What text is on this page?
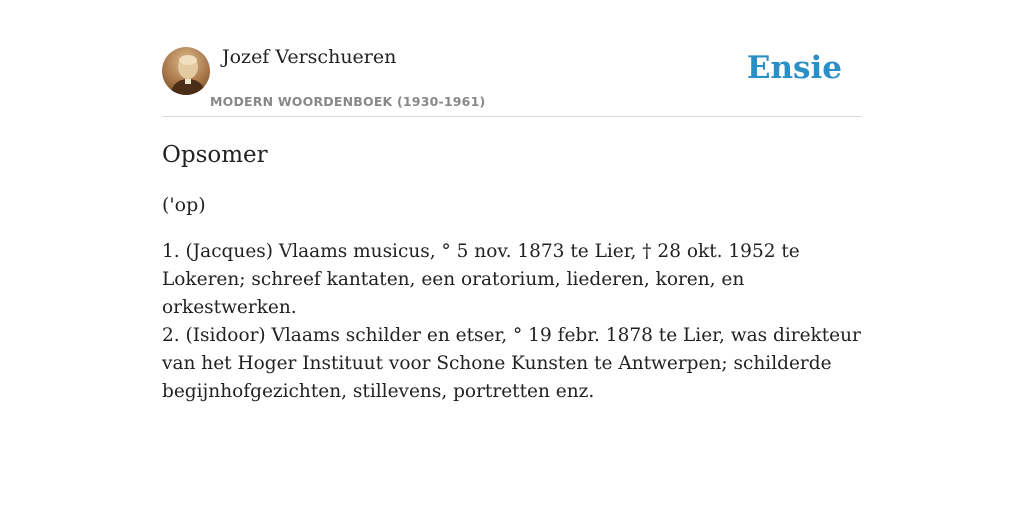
Jozef Verschueren
MODERN WOORDENBOEK (1930-1961)
Ensie
Opsomer
('op)

1. (Jacques) Vlaams musicus, ° 5 nov. 1873 te Lier, † 28 okt. 1952 te Lokeren; schreef kantaten, een oratorium, liederen, koren, en orkestwerken.

2. (Isidoor) Vlaams schilder en etser, ° 19 febr. 1878 te Lier, was direkteur van het Hoger Instituut voor Schone Kunsten te Antwerpen; schilderde begijnhofgezichten, stillevens, portretten enz.
